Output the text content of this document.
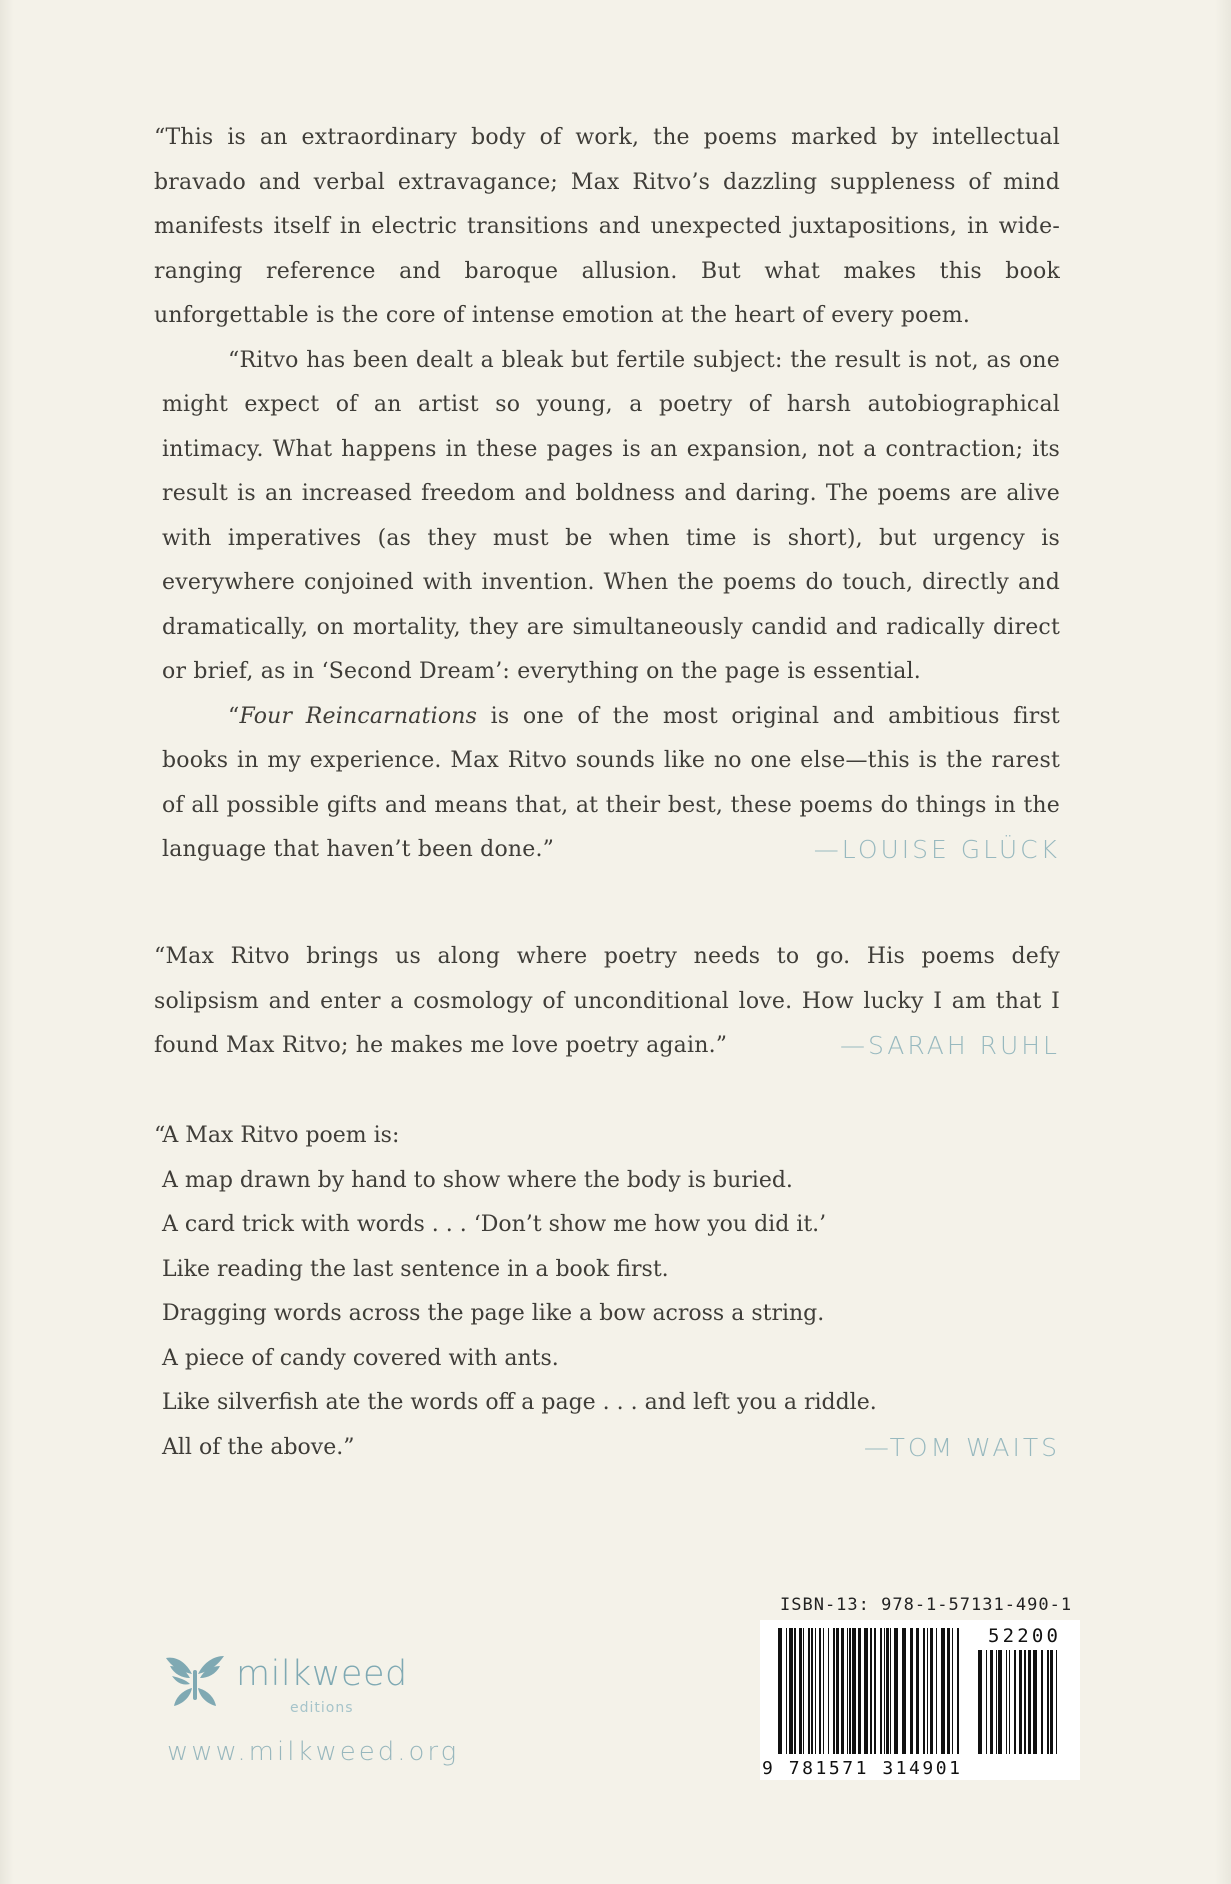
“This is an extraordinary body of work, the poems marked by intellectual bravado and verbal extravagance; Max Ritvo’s dazzling suppleness of mind manifests itself in electric transitions and unexpected juxtapositions, in wide-ranging reference and baroque allusion. But what makes this book unforgettable is the core of intense emotion at the heart of every poem.

“Ritvo has been dealt a bleak but fertile subject: the result is not, as one might expect of an artist so young, a poetry of harsh autobiographical intimacy. What happens in these pages is an expansion, not a contraction; its result is an increased freedom and boldness and daring. The poems are alive with imperatives (as they must be when time is short), but urgency is everywhere conjoined with invention. When the poems do touch, directly and dramatically, on mortality, they are simultaneously candid and radically direct or brief, as in ‘Second Dream’: everything on the page is essential.

“Four Reincarnations is one of the most original and ambitious first books in my experience. Max Ritvo sounds like no one else—this is the rarest of all possible gifts and means that, at their best, these poems do things in the language that haven’t been done.”	—LOUISE GLÜCK

“Max Ritvo brings us along where poetry needs to go. His poems defy solipsism and enter a cosmology of unconditional love. How lucky I am that I found Max Ritvo; he makes me love poetry again.”	—SARAH RUHL

“A Max Ritvo poem is:

A map drawn by hand to show where the body is buried.

A card trick with words . . . ‘Don’t show me how you did it.’

Like reading the last sentence in a book first.

Dragging words across the page like a bow across a string.

A piece of candy covered with ants.

Like silverfish ate the words off a page . . . and left you a riddle.

All of the above.”	—TOM WAITS

milkweed
editions
www.milkweed.org
ISBN-13: 978-1-57131-490-1
9 781571 314901
52200
